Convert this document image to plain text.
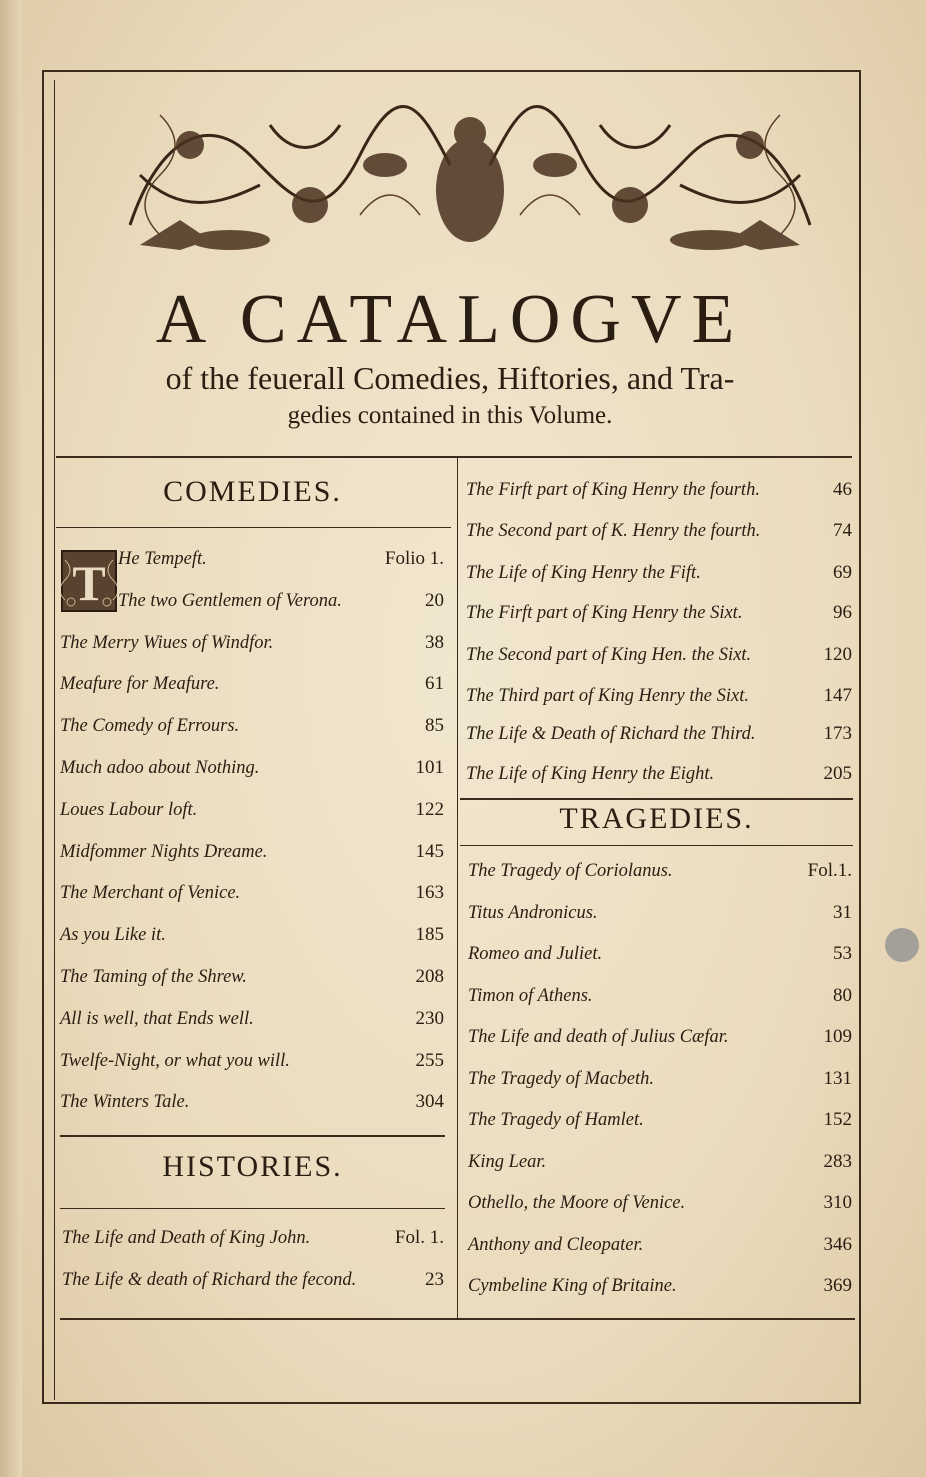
A CATALOGVE
of the feuerall Comedies, Hiftories, and Tra-
gedies contained in this Volume.
COMEDIES.
HISTORIES.
TRAGEDIES.
T He Tempeft.	Folio 1.
The two Gentlemen of Verona.	20
The Merry Wiues of Windfor.	38
Meafure for Meafure.	61
The Comedy of Errours.	85
Much adoo about Nothing.	101
Loues Labour loft.	122
Midfommer Nights Dreame.	145
The Merchant of Venice.	163
As you Like it.	185
The Taming of the Shrew.	208
All is well, that Ends well.	230
Twelfe-Night, or what you will.	255
The Winters Tale.	304
The Life and Death of King John.	Fol. 1.
The Life & death of Richard the fecond.	23
The Firft part of King Henry the fourth.	46
The Second part of K. Henry the fourth.	74
The Life of King Henry the Fift.	69
The Firft part of King Henry the Sixt.	96
The Second part of King Hen. the Sixt.	120
The Third part of King Henry the Sixt.	147
The Life & Death of Richard the Third.	173
The Life of King Henry the Eight.	205
The Tragedy of Coriolanus.	Fol.1.
Titus Andronicus.	31
Romeo and Juliet.	53
Timon of Athens.	80
The Life and death of Julius Cæfar.	109
The Tragedy of Macbeth.	131
The Tragedy of Hamlet.	152
King Lear.	283
Othello, the Moore of Venice.	310
Anthony and Cleopater.	346
Cymbeline King of Britaine.	369
